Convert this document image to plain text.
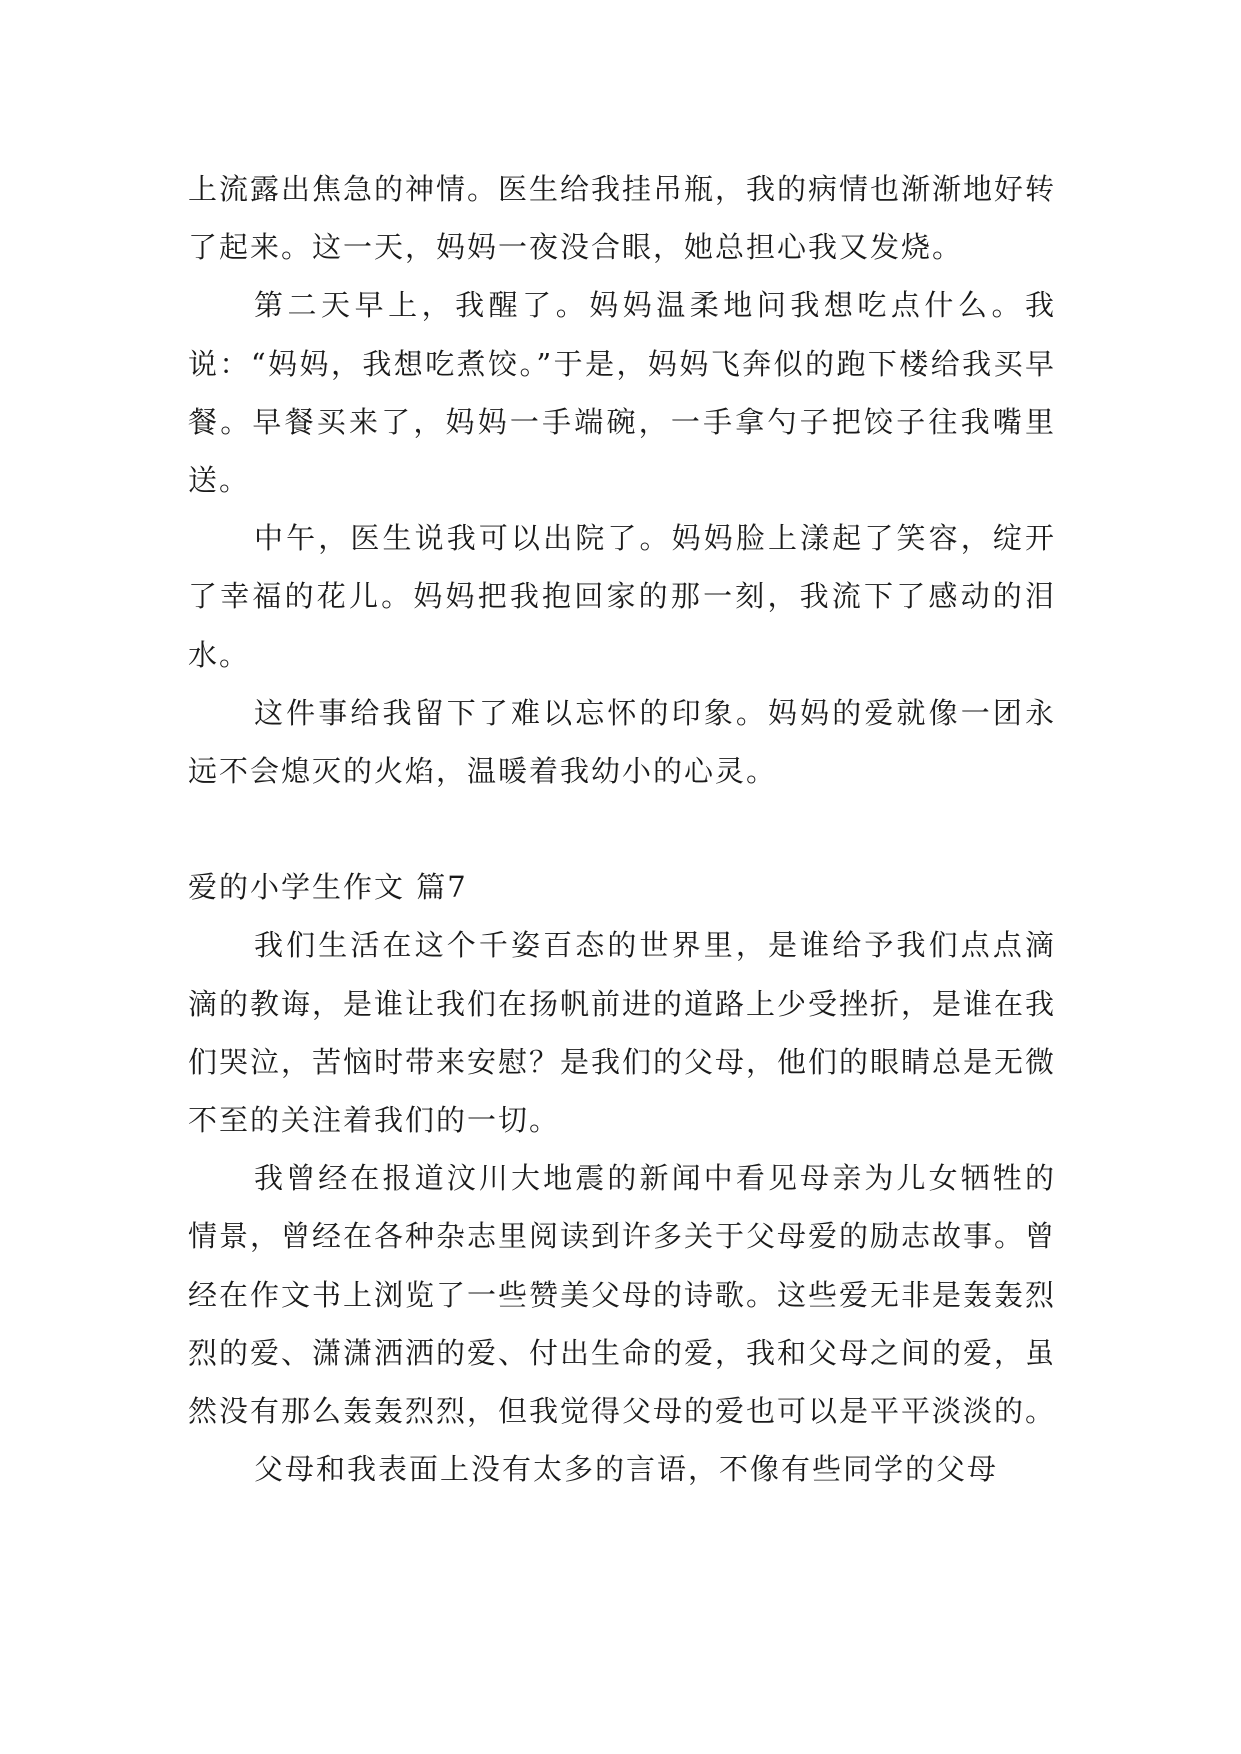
上流露出焦急的神情。医生给我挂吊瓶，我的病情也渐渐地好转了起来。这一天，妈妈一夜没合眼，她总担心我又发烧。

第二天早上，我醒了。妈妈温柔地问我想吃点什么。我说：“妈妈，我想吃煮饺。”于是，妈妈飞奔似的跑下楼给我买早餐。早餐买来了，妈妈一手端碗，一手拿勺子把饺子往我嘴里送。

中午，医生说我可以出院了。妈妈脸上漾起了笑容，绽开了幸福的花儿。妈妈把我抱回家的那一刻，我流下了感动的泪水。

这件事给我留下了难以忘怀的印象。妈妈的爱就像一团永远不会熄灭的火焰，温暖着我幼小的心灵。

爱的小学生作文 篇7

我们生活在这个千姿百态的世界里，是谁给予我们点点滴滴的教诲，是谁让我们在扬帆前进的道路上少受挫折，是谁在我们哭泣，苦恼时带来安慰？是我们的父母，他们的眼睛总是无微不至的关注着我们的一切。

我曾经在报道汶川大地震的新闻中看见母亲为儿女牺牲的情景，曾经在各种杂志里阅读到许多关于父母爱的励志故事。曾经在作文书上浏览了一些赞美父母的诗歌。这些爱无非是轰轰烈烈的爱、潇潇洒洒的爱、付出生命的爱，我和父母之间的爱，虽然没有那么轰轰烈烈，但我觉得父母的爱也可以是平平淡淡的。

父母和我表面上没有太多的言语，不像有些同学的父母
